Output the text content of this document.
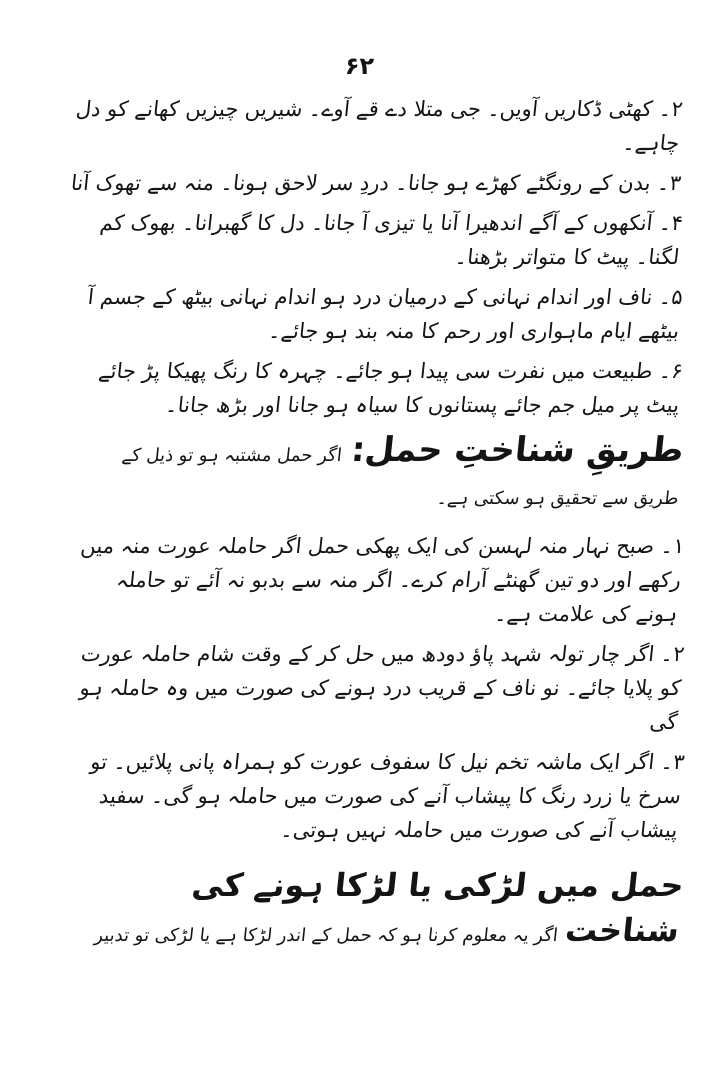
۶۲

۲۔ کھٹی ڈکاریں آویں۔ جی متلا دے قے آوے۔ شیریں چیزیں کھانے کو دل چاہے۔

۳۔ بدن کے رونگٹے کھڑے ہو جانا۔ دردِ سر لاحق ہونا۔ منہ سے تھوک آنا

۴۔ آنکھوں کے آگے اندھیرا آنا یا تیزی آ جانا۔ دل کا گھبرانا۔ بھوک کم لگنا۔ پیٹ کا متواتر بڑھنا۔

۵۔ ناف اور اندام نہانی کے درمیان درد ہو اندام نہانی بیٹھ کے جسم آ بیٹھے ایام ماہواری اور رحم کا منہ بند ہو جائے۔

۶۔ طبیعت میں نفرت سی پیدا ہو جائے۔ چہرہ کا رنگ پھیکا پڑ جائے پیٹ پر میل جم جائے پستانوں کا سیاہ ہو جانا اور بڑھ جانا۔

طریقِ شناختِ حمل: اگر حمل مشتبہ ہو تو ذیل کے طریق سے تحقیق ہو سکتی ہے۔

۱۔ صبح نہار منہ لہسن کی ایک پھکی حمل اگر حاملہ عورت منہ میں رکھے اور دو تین گھنٹے آرام کرے۔ اگر منہ سے بدبو نہ آئے تو حاملہ ہونے کی علامت ہے۔

۲۔ اگر چار تولہ شہد پاؤ دودھ میں حل کر کے وقت شام حاملہ عورت کو پلایا جائے۔ نو ناف کے قریب درد ہونے کی صورت میں وہ حاملہ ہو گی

۳۔ اگر ایک ماشہ تخم نیل کا سفوف عورت کو ہمراہ پانی پلائیں۔ تو سرخ یا زرد رنگ کا پیشاب آنے کی صورت میں حاملہ ہو گی۔ سفید پیشاب آنے کی صورت میں حاملہ نہیں ہوتی۔

حمل میں لڑکی یا لڑکا ہونے کی شناخت اگر یہ معلوم کرنا ہو کہ حمل کے اندر لڑکا ہے یا لڑکی تو تدبیر
